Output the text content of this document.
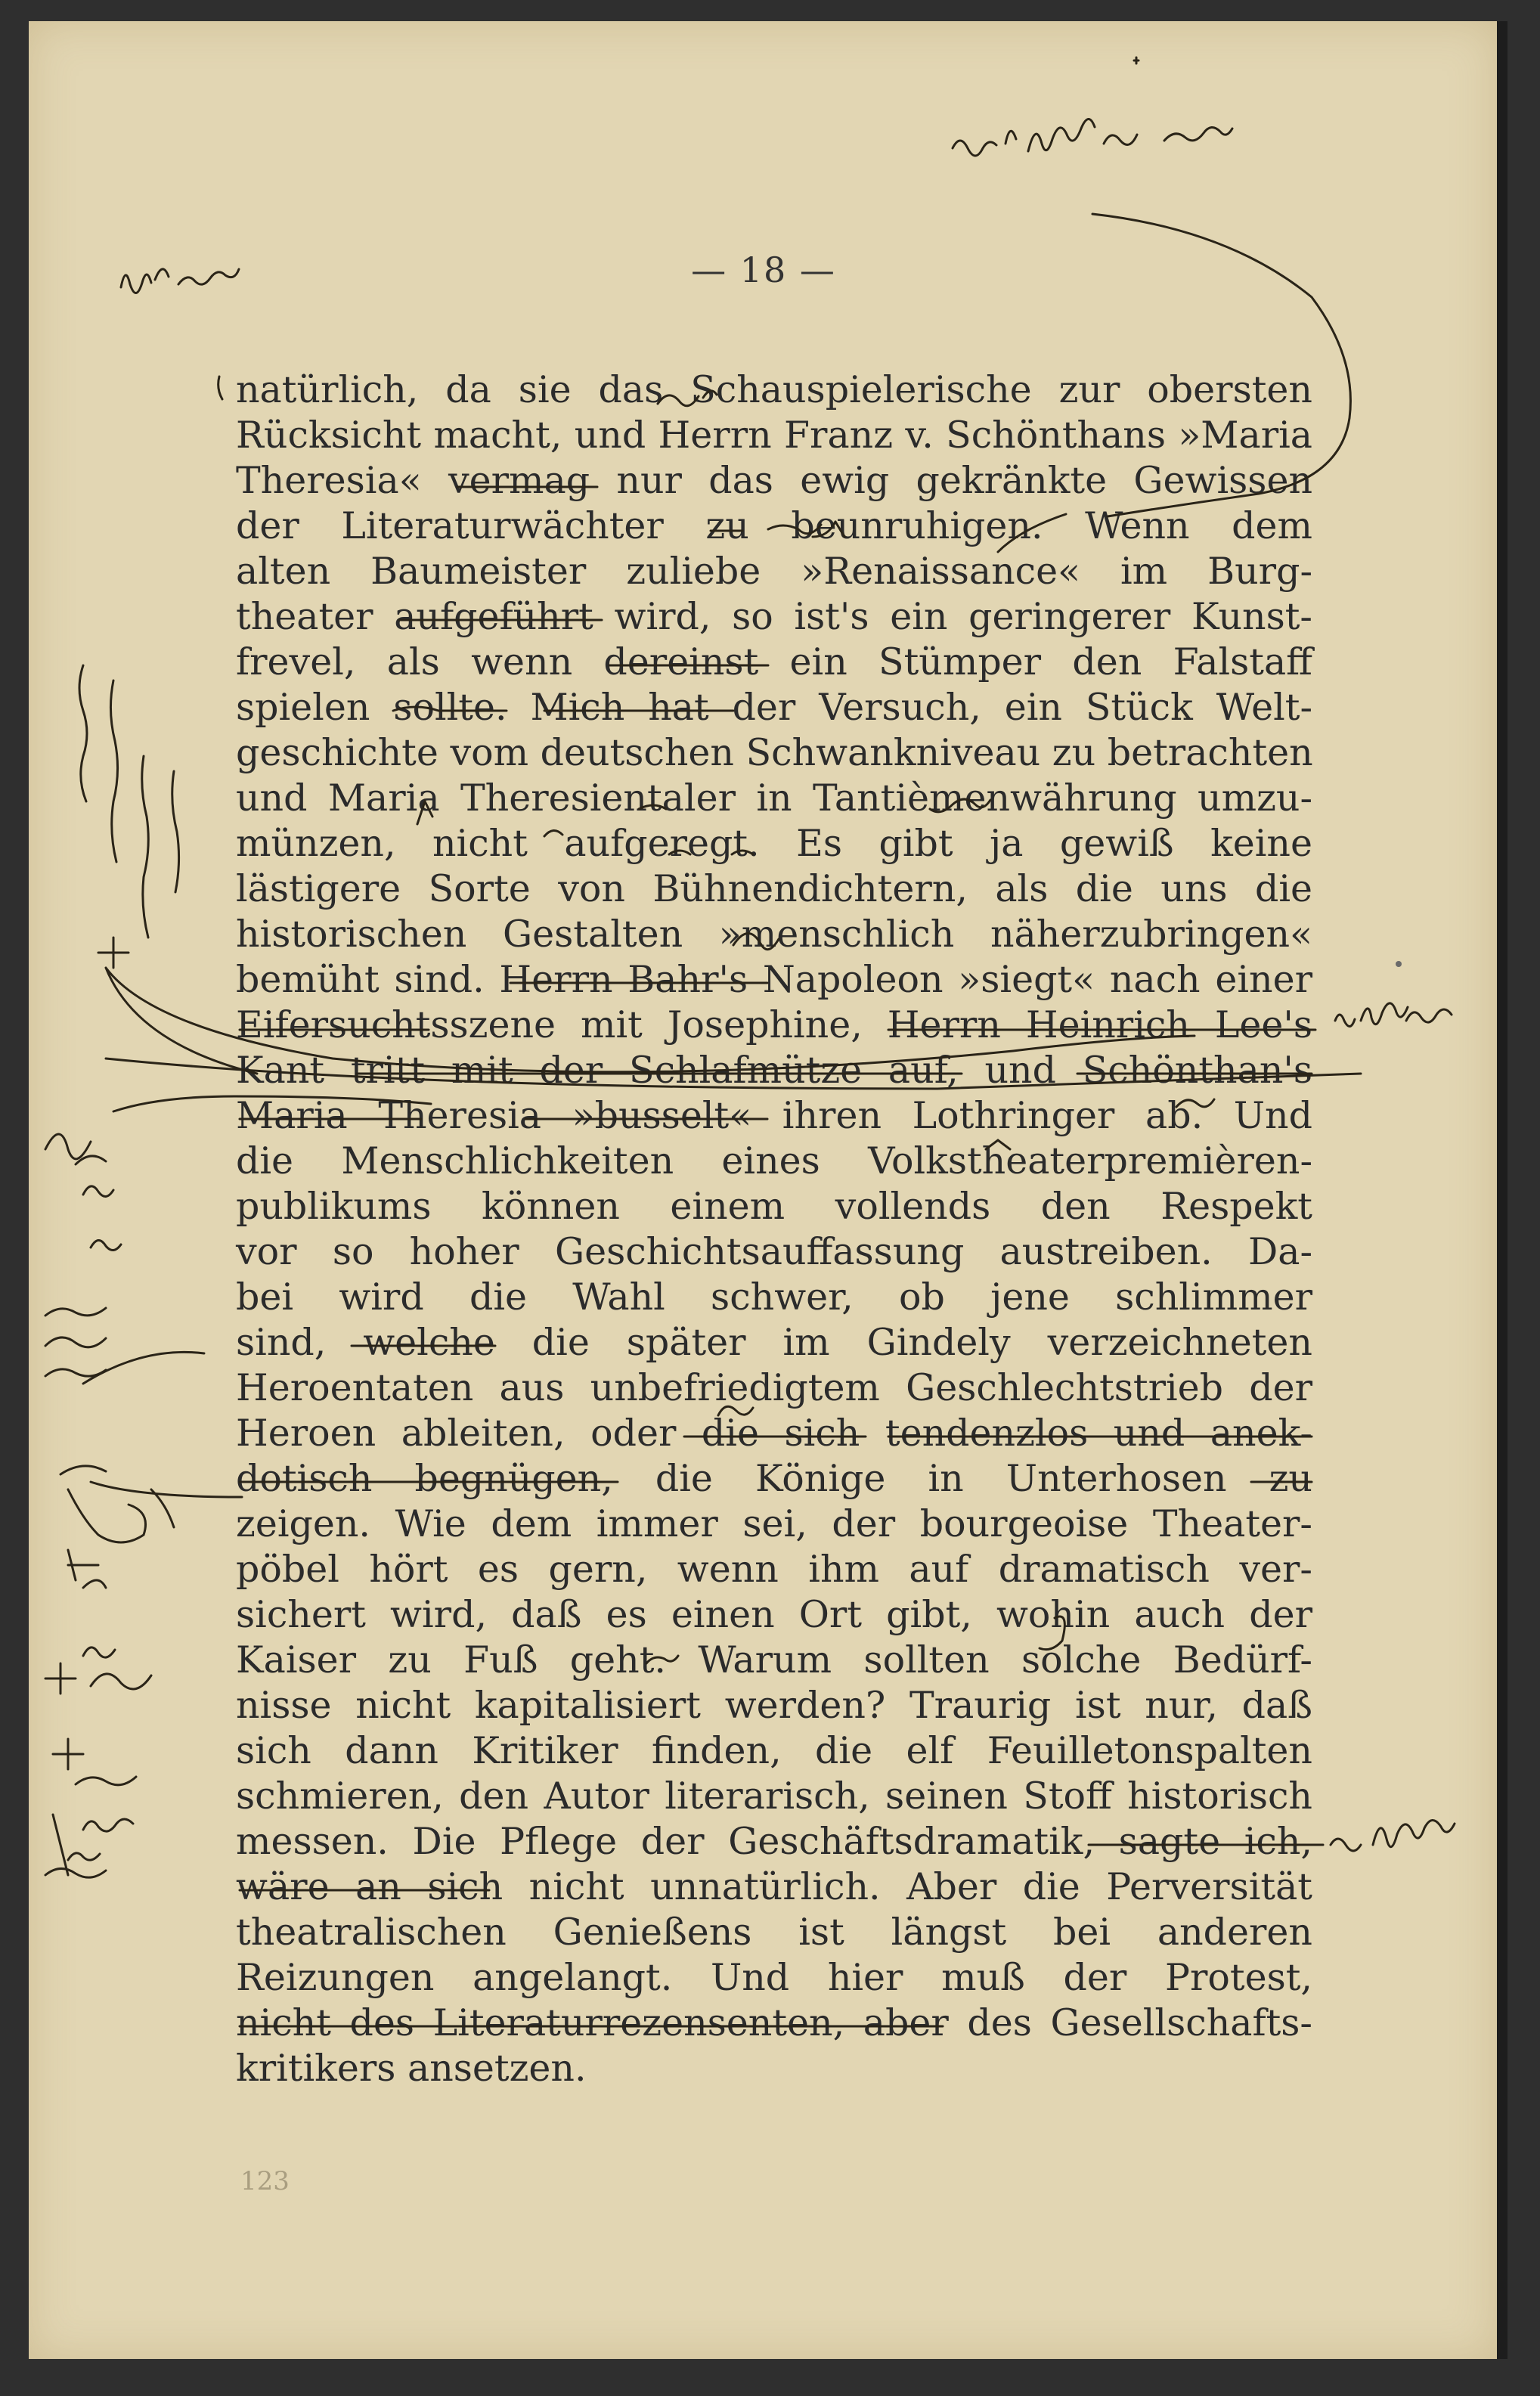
— 18 —
natürlich, da sie das Schauspielerische zur obersten
Rücksicht macht, und Herrn Franz v. Schönthans »Maria
Theresia« vermag nur das ewig gekränkte Gewissen
der Literaturwächter zu beunruhigen. Wenn dem
alten Baumeister zuliebe »Renaissance« im Burg-
theater aufgeführt wird, so ist's ein geringerer Kunst-
frevel, als wenn dereinst ein Stümper den Falstaff
spielen sollte. Mich hat der Versuch, ein Stück Welt-
geschichte vom deutschen Schwankniveau zu betrachten
und Maria Theresientaler in Tantièmenwährung umzu-
münzen, nicht aufgeregt. Es gibt ja gewiß keine
lästigere Sorte von Bühnendichtern, als die uns die
historischen Gestalten »menschlich näherzubringen«
bemüht sind. Herrn Bahr's Napoleon »siegt« nach einer
Eifersuchtsszene mit Josephine, Herrn Heinrich Lee's
Kant tritt mit der Schlafmütze auf, und Schönthan's
Maria Theresia »busselt« ihren Lothringer ab. Und
die Menschlichkeiten eines Volkstheaterpremièren-
publikums können einem vollends den Respekt
vor so hoher Geschichtsauffassung austreiben. Da-
bei wird die Wahl schwer, ob jene schlimmer
sind, welche die später im Gindely verzeichneten
Heroentaten aus unbefriedigtem Geschlechtstrieb der
Heroen ableiten, oder die sich tendenzlos und anek-
dotisch begnügen, die Könige in Unterhosen zu
zeigen. Wie dem immer sei, der bourgeoise Theater-
pöbel hört es gern, wenn ihm auf dramatisch ver-
sichert wird, daß es einen Ort gibt, wohin auch der
Kaiser zu Fuß geht. Warum sollten solche Bedürf-
nisse nicht kapitalisiert werden? Traurig ist nur, daß
sich dann Kritiker finden, die elf Feuilletonspalten
schmieren, den Autor literarisch, seinen Stoff historisch
messen. Die Pflege der Geschäftsdramatik, sagte ich,
wäre an sich nicht unnatürlich. Aber die Perversität
theatralischen Genießens ist längst bei anderen
Reizungen angelangt. Und hier muß der Protest,
nicht des Literaturrezensenten, aber des Gesellschafts-
kritikers ansetzen.
123
